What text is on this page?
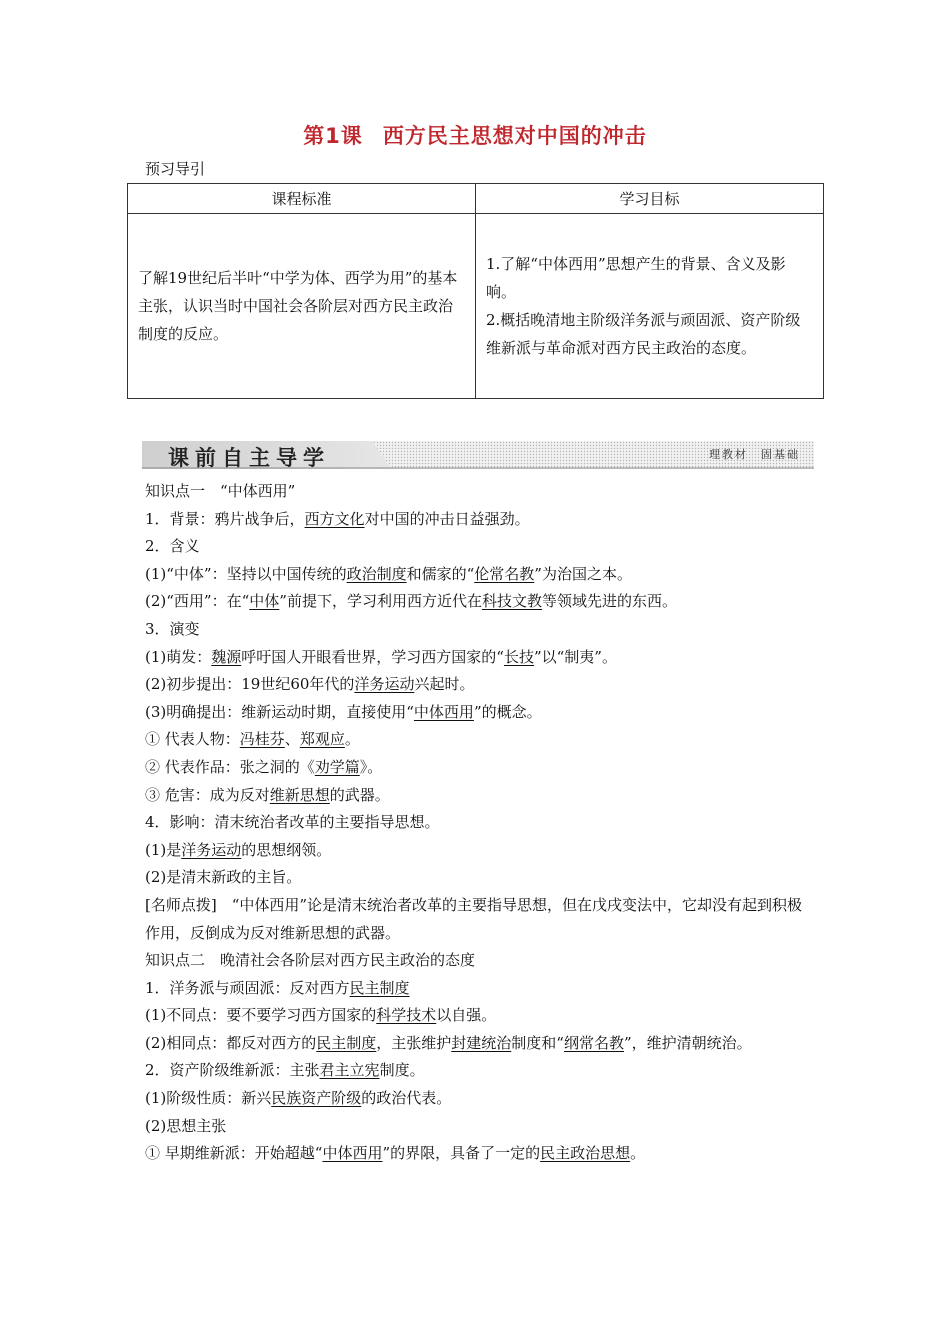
第1课 西方民主思想对中国的冲击
预习导引
课程标准	学习目标
了解19世纪后半叶“中学为体、西学为用”的基本主张，认识当时中国社会各阶层对西方民主政治制度的反应。	1.了解“中体西用”思想产生的背景、含义及影响。
2.概括晚清地主阶级洋务派与顽固派、资产阶级维新派与革命派对西方民主政治的态度。
课前自主导学	理教材　固基础

知识点一　“中体西用”

1．背景：鸦片战争后，西方文化对中国的冲击日益强劲。

2．含义

(1)“中体”：坚持以中国传统的政治制度和儒家的“伦常名教”为治国之本。

(2)“西用”：在“中体”前提下，学习利用西方近代在科技文教等领域先进的东西。

3．演变

(1)萌发：魏源呼吁国人开眼看世界，学习西方国家的“长技”以“制夷”。

(2)初步提出：19世纪60年代的洋务运动兴起时。

(3)明确提出：维新运动时期，直接使用“中体西用”的概念。

① 代表人物：冯桂芬、郑观应。

② 代表作品：张之洞的《劝学篇》。

③ 危害：成为反对维新思想的武器。

4．影响：清末统治者改革的主要指导思想。

(1)是洋务运动的思想纲领。

(2)是清末新政的主旨。

[名师点拨]　“中体西用”论是清末统治者改革的主要指导思想，但在戊戌变法中，它却没有起到积极作用，反倒成为反对维新思想的武器。

知识点二　晚清社会各阶层对西方民主政治的态度

1．洋务派与顽固派：反对西方民主制度

(1)不同点：要不要学习西方国家的科学技术以自强。

(2)相同点：都反对西方的民主制度，主张维护封建统治制度和“纲常名教”，维护清朝统治。

2．资产阶级维新派：主张君主立宪制度。

(1)阶级性质：新兴民族资产阶级的政治代表。

(2)思想主张

① 早期维新派：开始超越“中体西用”的界限，具备了一定的民主政治思想。
